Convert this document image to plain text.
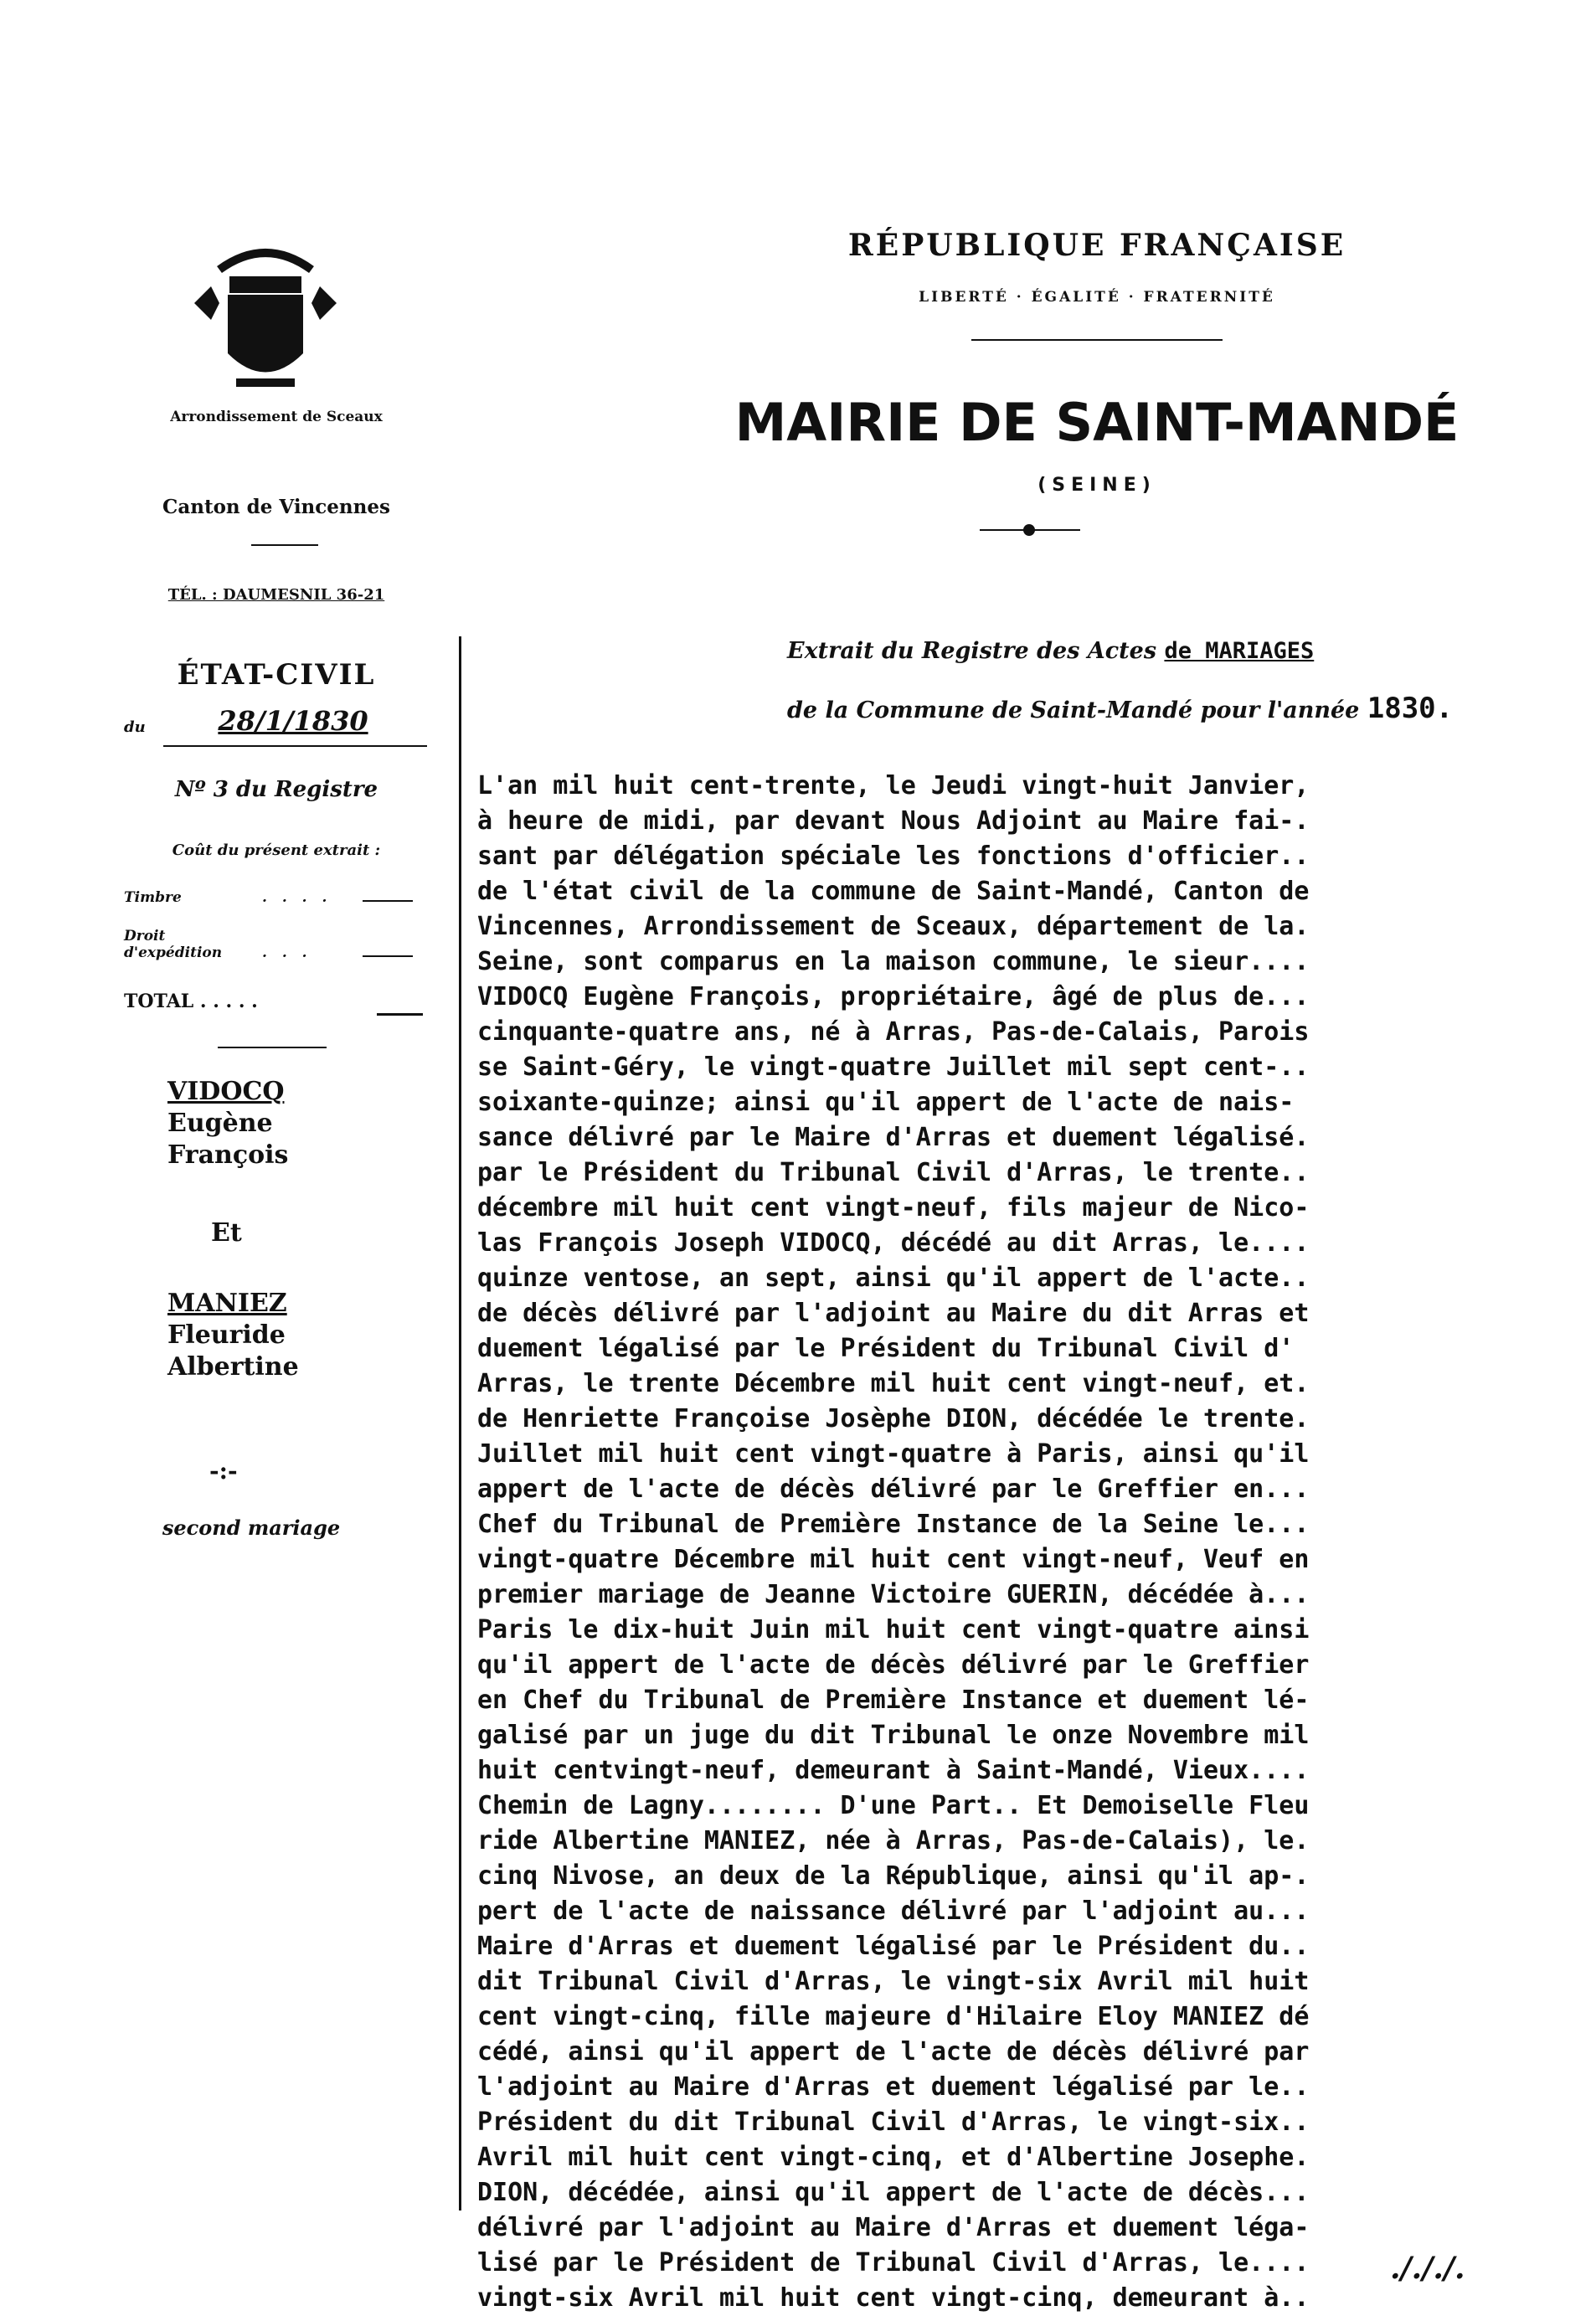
RÉPUBLIQUE FRANÇAISE
LIBERTÉ · ÉGALITÉ · FRATERNITÉ
MAIRIE DE SAINT-MANDÉ
(SEINE)
Arrondissement de Sceaux
Canton de Vincennes
TÉL. : DAUMESNIL 36-21
ÉTAT-CIVIL
du	28/1/1830
Nº 3 du Registre
Coût du présent extrait :
Timbre	. . . .
Droit d'expédition	. . .
TOTAL . . . . .
VIDOCQ
Eugène
François
Et
MANIEZ
Fleuride
Albertine
-:-
second mariage
Extrait du Registre des Actes de MARIAGES
de la Commune de Saint-Mandé pour l'année 1830.
L'an mil huit cent-trente, le Jeudi vingt-huit Janvier,
à heure de midi, par devant Nous Adjoint au Maire fai-.
sant par délégation spéciale les fonctions d'officier..
de l'état civil de la commune de Saint-Mandé, Canton de
Vincennes, Arrondissement de Sceaux, département de la.
Seine, sont comparus en la maison commune, le sieur....
VIDOCQ Eugène François, propriétaire, âgé de plus de...
cinquante-quatre ans, né à Arras, Pas-de-Calais, Parois
se Saint-Géry, le vingt-quatre Juillet mil sept cent-..
soixante-quinze; ainsi qu'il appert de l'acte de nais-
sance délivré par le Maire d'Arras et duement légalisé.
par le Président du Tribunal Civil d'Arras, le trente..
décembre mil huit cent vingt-neuf, fils majeur de Nico-
las François Joseph VIDOCQ, décédé au dit Arras, le....
quinze ventose, an sept, ainsi qu'il appert de l'acte..
de décès délivré par l'adjoint au Maire du dit Arras et
duement légalisé par le Président du Tribunal Civil d'
Arras, le trente Décembre mil huit cent vingt-neuf, et.
de Henriette Françoise Josèphe DION, décédée le trente.
Juillet mil huit cent vingt-quatre à Paris, ainsi qu'il
appert de l'acte de décès délivré par le Greffier en...
Chef du Tribunal de Première Instance de la Seine le...
vingt-quatre Décembre mil huit cent vingt-neuf, Veuf en
premier mariage de Jeanne Victoire GUERIN, décédée à...
Paris le dix-huit Juin mil huit cent vingt-quatre ainsi
qu'il appert de l'acte de décès délivré par le Greffier
en Chef du Tribunal de Première Instance et duement lé-
galisé par un juge du dit Tribunal le onze Novembre mil
huit centvingt-neuf, demeurant à Saint-Mandé, Vieux....
Chemin de Lagny........ D'une Part.. Et Demoiselle Fleu
ride Albertine MANIEZ, née à Arras, Pas-de-Calais), le.
cinq Nivose, an deux de la République, ainsi qu'il ap-.
pert de l'acte de naissance délivré par l'adjoint au...
Maire d'Arras et duement légalisé par le Président du..
dit Tribunal Civil d'Arras, le vingt-six Avril mil huit
cent vingt-cinq, fille majeure d'Hilaire Eloy MANIEZ dé
cédé, ainsi qu'il appert de l'acte de décès délivré par
l'adjoint au Maire d'Arras et duement légalisé par le..
Président du dit Tribunal Civil d'Arras, le vingt-six..
Avril mil huit cent vingt-cinq, et d'Albertine Josephe.
DION, décédée, ainsi qu'il appert de l'acte de décès...
délivré par l'adjoint au Maire d'Arras et duement léga-
lisé par le Président de Tribunal Civil d'Arras, le....
vingt-six Avril mil huit cent vingt-cinq, demeurant à..
./././.
